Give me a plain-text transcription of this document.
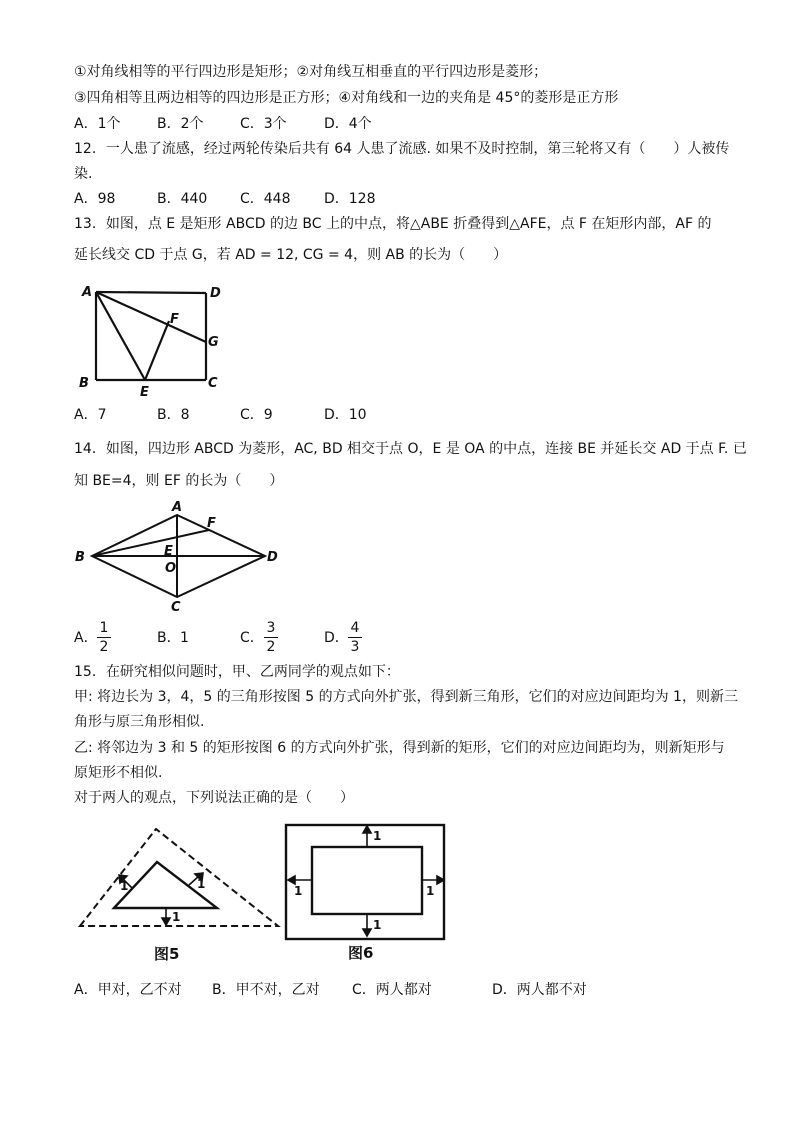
①对角线相等的平行四边形是矩形；②对角线互相垂直的平行四边形是菱形；
③四角相等且两边相等的四边形是正方形；④对角线和一边的夹角是 45°的菱形是正方形
A．1个	B．2个	C．3个	D．4个
12．一人患了流感，经过两轮传染后共有 64 人患了流感. 如果不及时控制，第三轮将又有（　　）人被传
染.
A．98	B．440 C．448 D．128
13．如图，点 E 是矩形 ABCD 的边 BC 上的中点，将△ABE 折叠得到△AFE，点 F 在矩形内部，AF 的
延长线交 CD 于点 G，若 AD = 12, CG = 4，则 AB 的长为（　　）
A	D
F
G
B
E
C
A．7	B．8	C．9	D．10
14．如图，四边形 ABCD 为菱形，AC, BD 相交于点 O，E 是 OA 的中点，连接 BE 并延长交 AD 于点 F. 已
知 BE=4，则 EF 的长为（　　）
A
F
B	E
O
D
C
A．
1
2
B． 1	C．
3
2
D．
4
3
15．在研究相似问题时，甲、乙两同学的观点如下：
甲: 将边长为 3，4，5 的三角形按图 5 的方式向外扩张，得到新三角形，它们的对应边间距均为 1，则新三
角形与原三角形相似.
乙: 将邻边为 3 和 5 的矩形按图 6 的方式向外扩张，得到新的矩形，它们的对应边间距均为，则新矩形与
原矩形不相似.
对于两人的观点，下列说法正确的是（　　）
1
1	1
图5
1
1
1	1
图6
A．甲对，乙不对 B．甲不对，乙对 C．两人都对	D．两人都不对
